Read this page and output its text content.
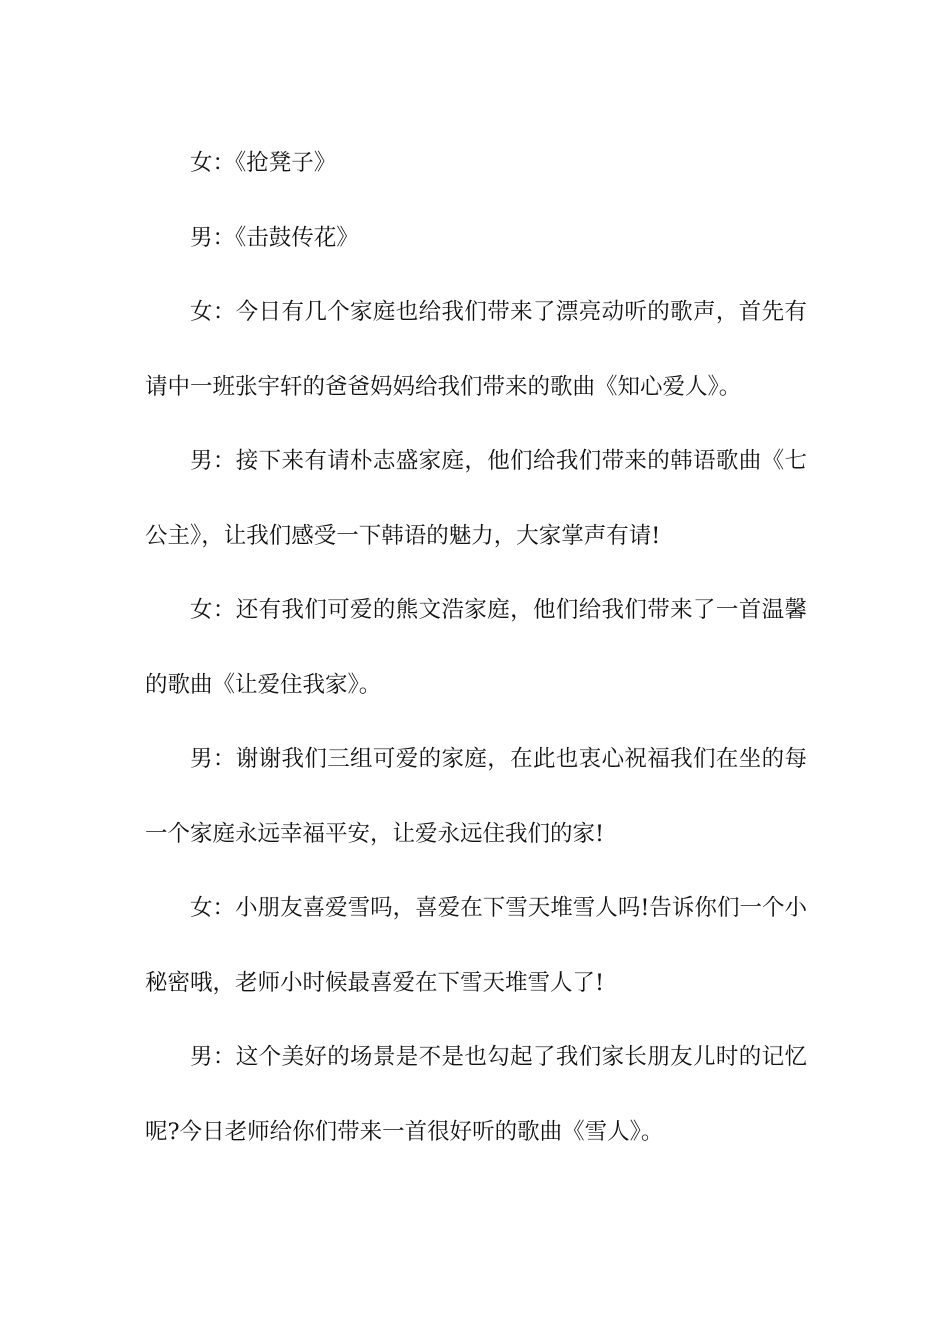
女：《抢凳子》

男：《击鼓传花》

女：今日有几个家庭也给我们带来了漂亮动听的歌声，首先有请中一班张宇轩的爸爸妈妈给我们带来的歌曲《知心爱人》。

男：接下来有请朴志盛家庭，他们给我们带来的韩语歌曲《七公主》，让我们感受一下韩语的魅力，大家掌声有请!

女：还有我们可爱的熊文浩家庭，他们给我们带来了一首温馨的歌曲《让爱住我家》。

男：谢谢我们三组可爱的家庭，在此也衷心祝福我们在坐的每一个家庭永远幸福平安，让爱永远住我们的家!

女：小朋友喜爱雪吗，喜爱在下雪天堆雪人吗!告诉你们一个小秘密哦，老师小时候最喜爱在下雪天堆雪人了!

男：这个美好的场景是不是也勾起了我们家长朋友儿时的记忆呢?今日老师给你们带来一首很好听的歌曲《雪人》。
